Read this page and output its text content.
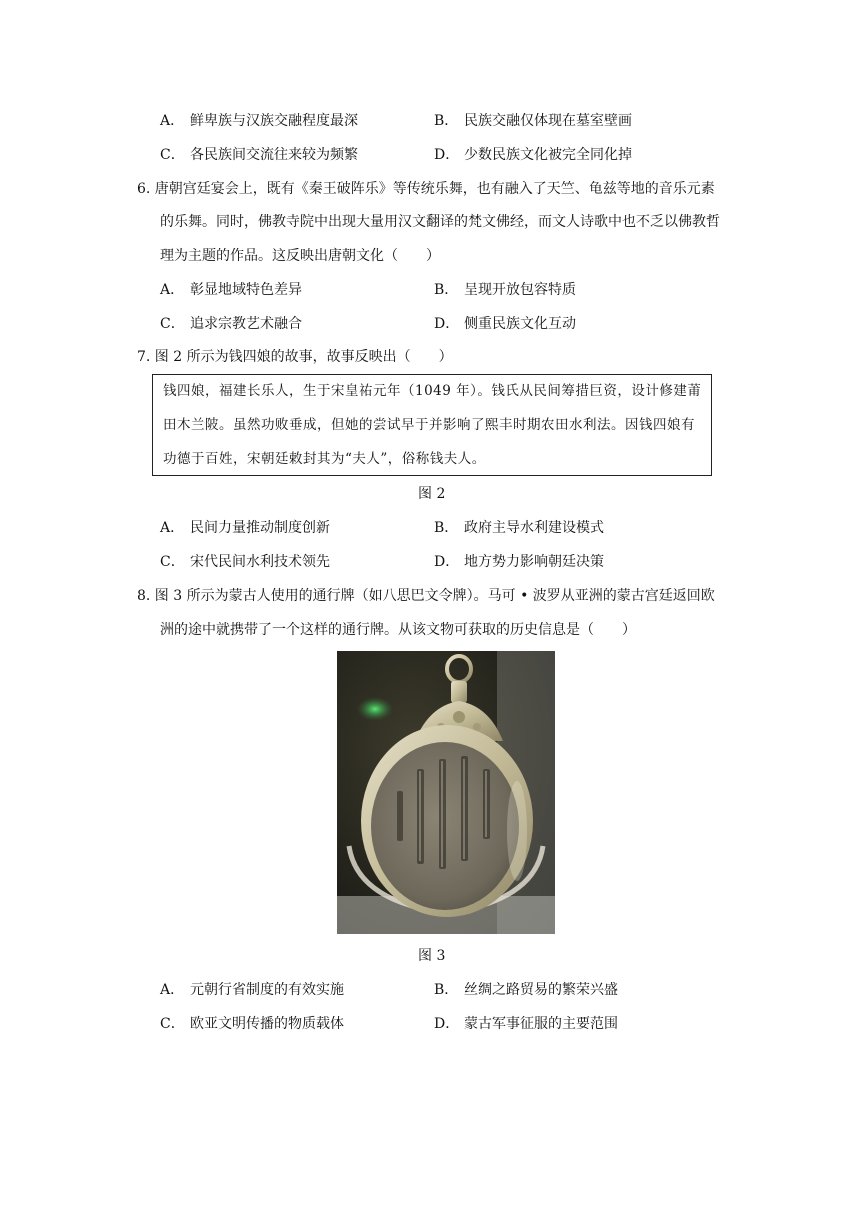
A． 鲜卑族与汉族交融程度最深	B． 民族交融仅体现在墓室壁画
C． 各民族间交流往来较为频繁	D． 少数民族文化被完全同化掉
6. 唐朝宫廷宴会上，既有《秦王破阵乐》等传统乐舞，也有融入了天竺、龟兹等地的音乐元素
的乐舞。同时，佛教寺院中出现大量用汉文翻译的梵文佛经，而文人诗歌中也不乏以佛教哲
理为主题的作品。这反映出唐朝文化（　　）
A． 彰显地域特色差异	B． 呈现开放包容特质
C． 追求宗教艺术融合	D． 侧重民族文化互动
7. 图 2 所示为钱四娘的故事，故事反映出（　　）
钱四娘，福建长乐人，生于宋皇祐元年（1049 年）。钱氏从民间筹措巨资，设计修建莆
田木兰陂。虽然功败垂成，但她的尝试早于并影响了熙丰时期农田水利法。因钱四娘有
功德于百姓，宋朝廷敕封其为“夫人”，俗称钱夫人。
图 2
A． 民间力量推动制度创新	B． 政府主导水利建设模式
C． 宋代民间水利技术领先	D． 地方势力影响朝廷决策
8. 图 3 所示为蒙古人使用的通行牌（如八思巴文令牌）。马可 • 波罗从亚洲的蒙古宫廷返回欧
洲的途中就携带了一个这样的通行牌。从该文物可获取的历史信息是（　　）
图 3
A． 元朝行省制度的有效实施	B． 丝绸之路贸易的繁荣兴盛
C． 欧亚文明传播的物质载体	D． 蒙古军事征服的主要范围
